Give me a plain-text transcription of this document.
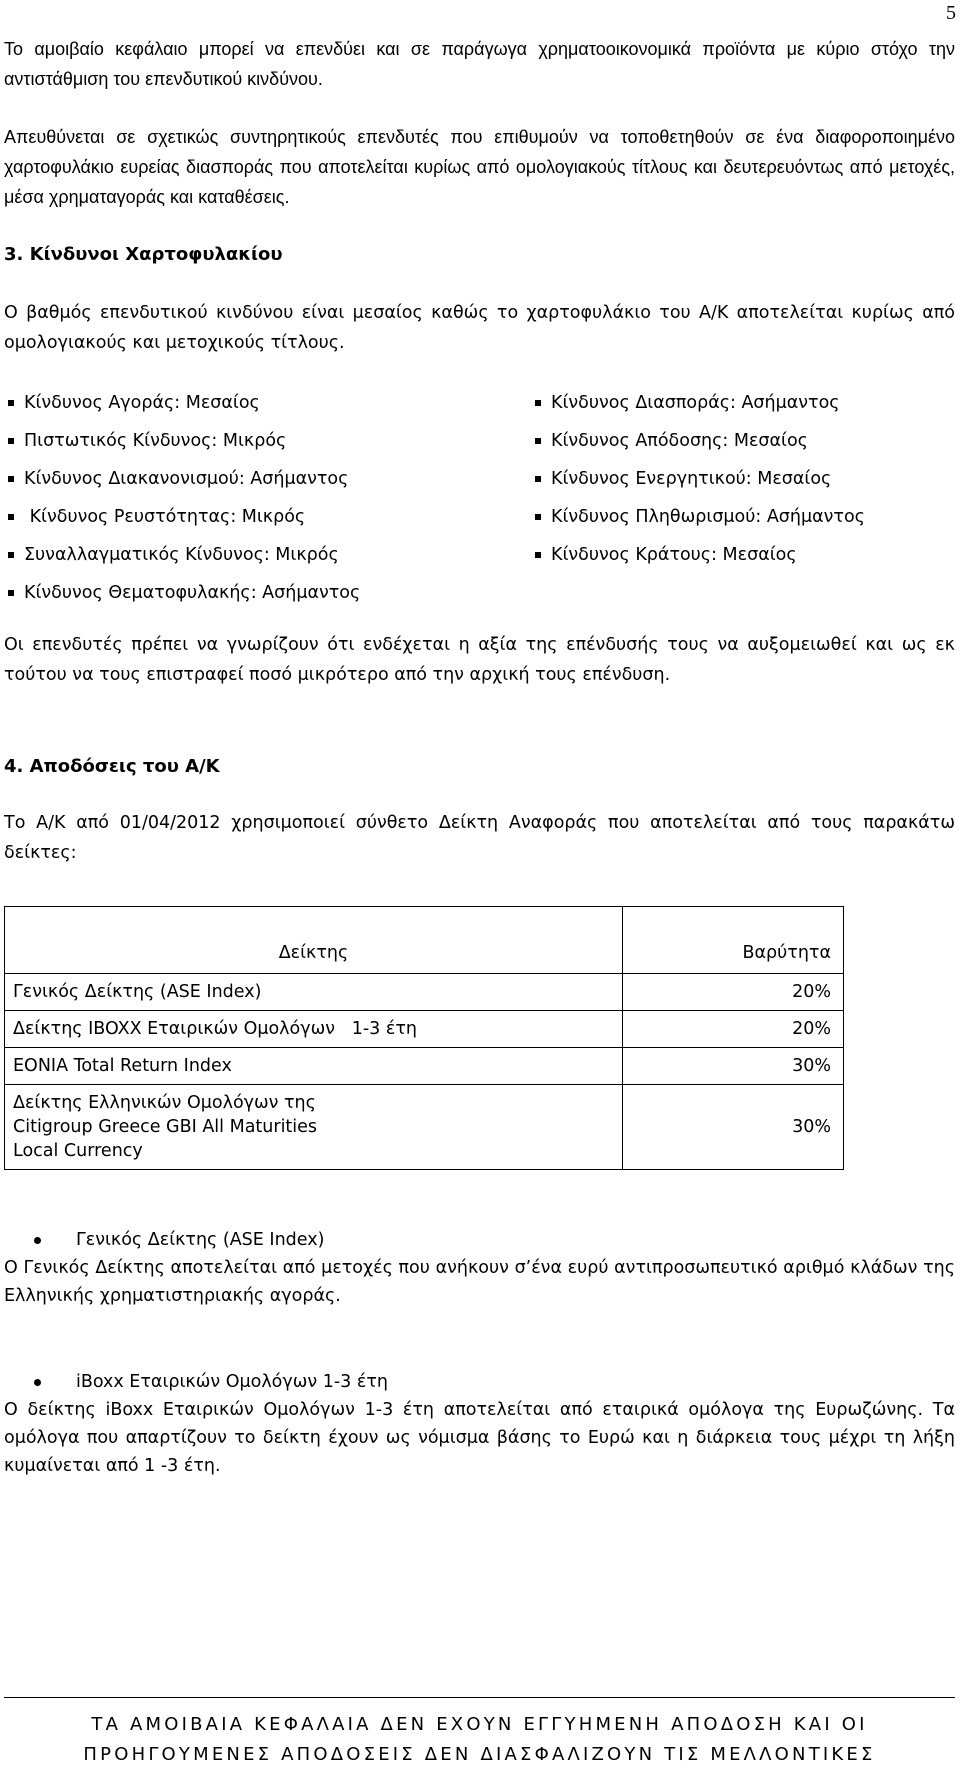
5

Το αμοιβαίο κεφάλαιο μπορεί να επενδύει και σε παράγωγα χρηματοοικονομικά προϊόντα με κύριο στόχο την αντιστάθμιση του επενδυτικού κινδύνου.

Απευθύνεται σε σχετικώς συντηρητικούς επενδυτές που επιθυμούν να τοποθετηθούν σε ένα διαφοροποιημένο χαρτοφυλάκιο ευρείας διασποράς που αποτελείται κυρίως από ομολογιακούς τίτλους και δευτερευόντως από μετοχές, μέσα χρηματαγοράς και καταθέσεις.

3. Κίνδυνοι Χαρτοφυλακίου

Ο βαθμός επενδυτικού κινδύνου είναι μεσαίος καθώς το χαρτοφυλάκιο του Α/Κ αποτελείται κυρίως από ομολογιακούς και μετοχικούς τίτλους.

Κίνδυνος Αγοράς: Μεσαίος
Πιστωτικός Κίνδυνος: Μικρός
Κίνδυνος Διακανονισμού: Ασήμαντος
Κίνδυνος Ρευστότητας: Μικρός
Συναλλαγματικός Κίνδυνος: Μικρός
Κίνδυνος Θεματοφυλακής: Ασήμαντος
Κίνδυνος Διασποράς: Ασήμαντος
Κίνδυνος Απόδοσης: Μεσαίος
Κίνδυνος Ενεργητικού: Μεσαίος
Κίνδυνος Πληθωρισμού: Ασήμαντος
Κίνδυνος Κράτους: Μεσαίος

Οι επενδυτές πρέπει να γνωρίζουν ότι ενδέχεται η αξία της επένδυσής τους να αυξομειωθεί και ως εκ τούτου να τους επιστραφεί ποσό μικρότερο από την αρχική τους επένδυση.

4. Αποδόσεις του Α/Κ

Το Α/Κ από 01/04/2012 χρησιμοποιεί σύνθετο Δείκτη Αναφοράς που αποτελείται από τους παρακάτω δείκτες:

Δείκτης	Βαρύτητα
Γενικός Δείκτης (ASE Index)	20%
Δείκτης IBOXX Εταιρικών Ομολόγων   1-3 έτη	20%
EONIA Total Return Index	30%
Δείκτης Ελληνικών Ομολόγων της Citigroup Greece GBI All Maturities Local Currency	30%
Γενικός Δείκτης (ASE Index)

Ο Γενικός Δείκτης αποτελείται από μετοχές που ανήκουν σ’ένα ευρύ αντιπροσωπευτικό αριθμό κλάδων της Ελληνικής χρηματιστηριακής αγοράς.

iBoxx Εταιρικών Ομολόγων 1-3 έτη

Ο δείκτης iBoxx Εταιρικών Ομολόγων 1-3 έτη αποτελείται από εταιρικά ομόλογα της Ευρωζώνης. Τα ομόλογα που απαρτίζουν το δείκτη έχουν ως νόμισμα βάσης το Ευρώ και η διάρκεια τους μέχρι τη λήξη κυμαίνεται από 1 -3 έτη.

ΤΑ ΑΜΟΙΒΑΙΑ ΚΕΦΑΛΑΙΑ ΔΕΝ ΕΧΟΥΝ ΕΓΓΥΗΜΕΝΗ ΑΠΟΔΟΣΗ ΚΑΙ ΟΙ
ΠΡΟΗΓΟΥΜΕΝΕΣ ΑΠΟΔΟΣΕΙΣ ΔΕΝ ΔΙΑΣΦΑΛΙΖΟΥΝ ΤΙΣ ΜΕΛΛΟΝΤΙΚΕΣ
